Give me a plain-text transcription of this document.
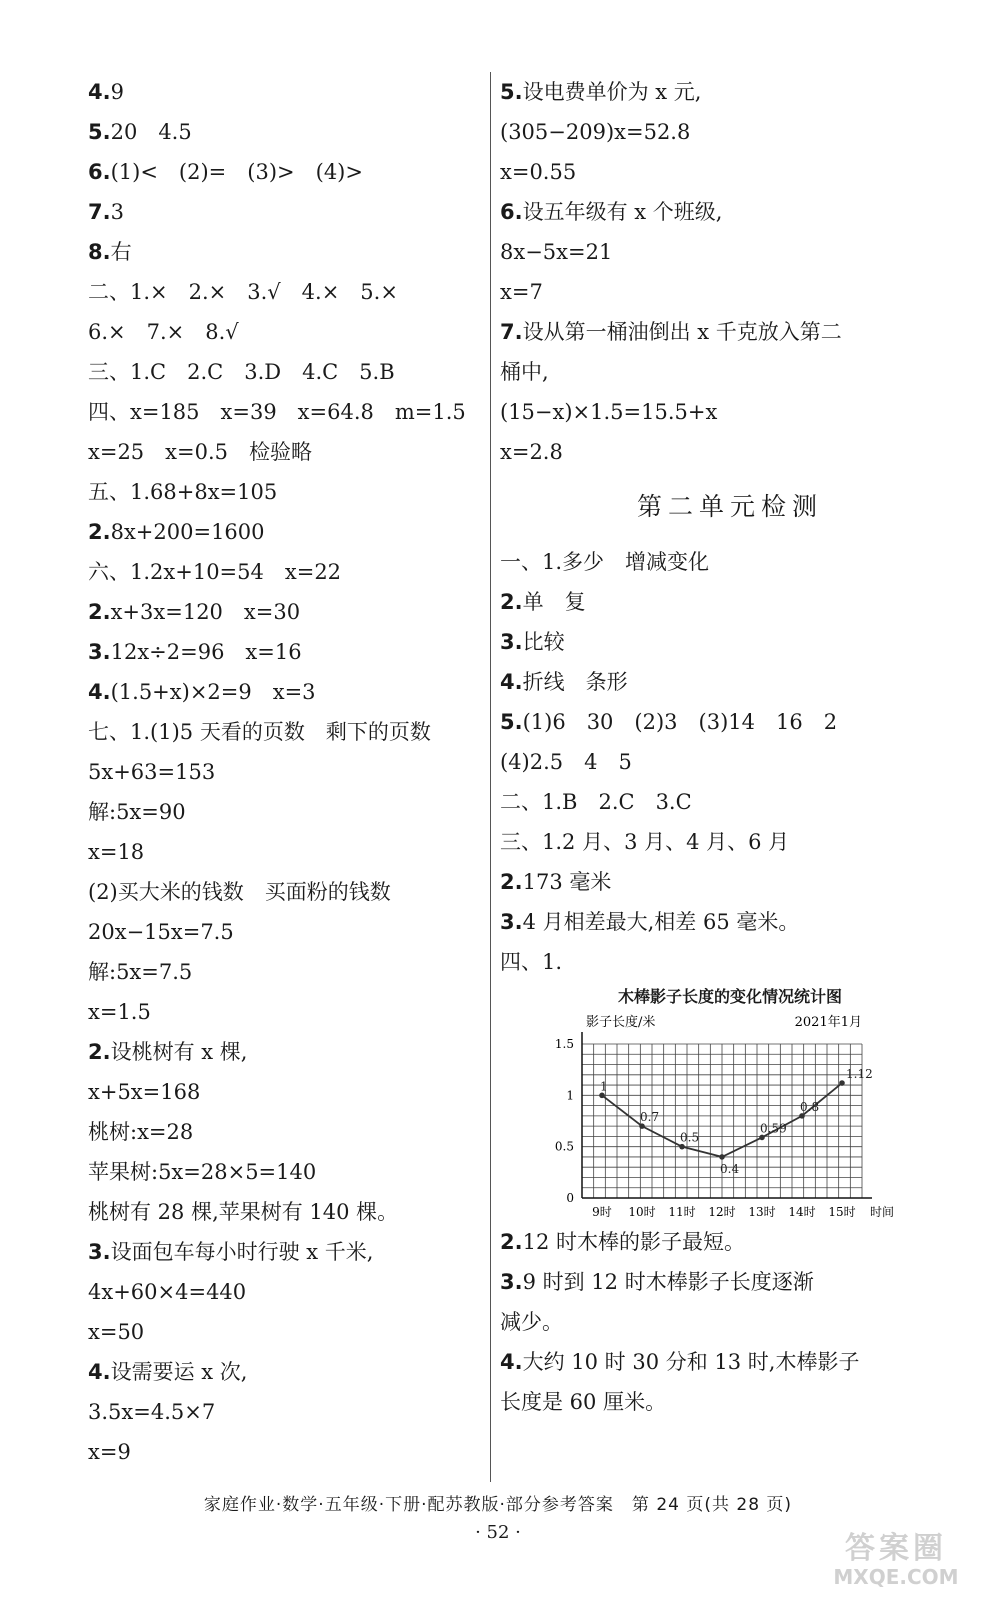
4.9
5.20　4.5
6.(1)<　(2)=　(3)>　(4)>
7.3
8.右
二、1.×　2.×　3.√　4.×　5.×
6.×　7.×　8.√
三、1.C　2.C　3.D　4.C　5.B
四、x=185　x=39　x=64.8　m=1.5
x=25　x=0.5　检验略
五、1.68+8x=105
2.8x+200=1600
六、1.2x+10=54　x=22
2.x+3x=120　x=30
3.12x÷2=96　x=16
4.(1.5+x)×2=9　x=3
七、1.(1)5 天看的页数　剩下的页数
5x+63=153
解:5x=90
x=18
(2)买大米的钱数　买面粉的钱数
20x−15x=7.5
解:5x=7.5
x=1.5
2.设桃树有 x 棵,
x+5x=168
桃树:x=28
苹果树:5x=28×5=140
桃树有 28 棵,苹果树有 140 棵。
3.设面包车每小时行驶 x 千米,
4x+60×4=440
x=50
4.设需要运 x 次,
3.5x=4.5×7
x=9
5.设电费单价为 x 元,
(305−209)x=52.8
x=0.55
6.设五年级有 x 个班级,
8x−5x=21
x=7
7.设从第一桶油倒出 x 千克放入第二
桶中,
(15−x)×1.5=15.5+x
x=2.8
第二单元检测
一、1.多少　增减变化
2.单　复
3.比较
4.折线　条形
5.(1)6　30　(2)3　(3)14　16　2
(4)2.5　4　5
二、1.B　2.C　3.C
三、1.2 月、3 月、4 月、6 月
2.173 毫米
3.4 月相差最大,相差 65 毫米。
四、1.
木棒影子长度的变化情况统计图
影子长度/米	2021年1月
时间
0
0.5
1
1.5
9时 10时 11时 12时 13时 14时 15时
1
0.7
0.5
0.4
0.59
0.8
1.12
2.12 时木棒的影子最短。
3.9 时到 12 时木棒影子长度逐渐
减少。
4.大约 10 时 30 分和 13 时,木棒影子
长度是 60 厘米。
家庭作业·数学·五年级·下册·配苏教版·部分参考答案　第 24 页(共 28 页)
· 52 ·	答案圈
MXQE.COM
